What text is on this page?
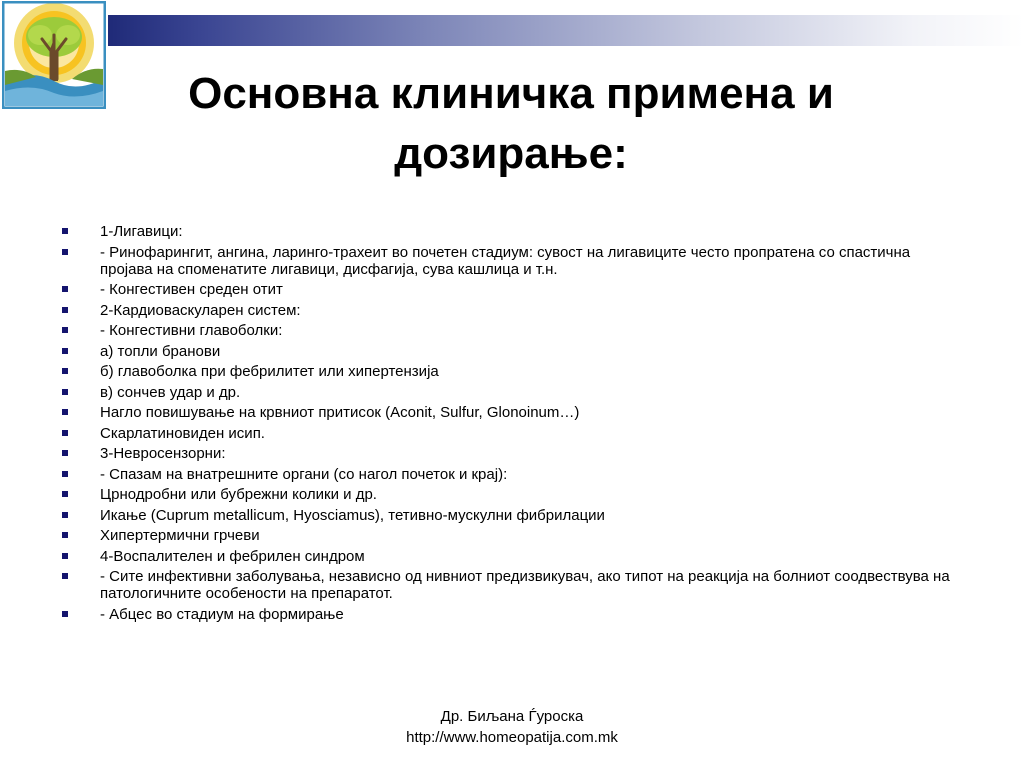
Основна клиничка примена и
дозирање:
1-Лигавици:
- Ринофарингит, ангина, ларинго-трахеит во почетен стадиум: сувост на лигавиците често пропратена со спастична пројава на споменатите лигавици, дисфагија, сува кашлица и т.н.
- Конгестивен среден отит
2-Кардиоваскуларен систем:
- Конгестивни главоболки:
а) топли бранови
б) главоболка при фебрилитет или хипертензија
в) сончев удар и др.
Нагло повишување на крвниот притисок (Aconit, Sulfur, Glonoinum…)
Скарлатиновиден исип.
3-Невросензорни:
- Спазам на внатрешните органи (со нагол почеток и крај):
Црнодробни или бубрежни колики и др.
Икање (Cuprum metallicum, Hyosciamus), тетивно-мускулни фибрилации
Хипертермични грчеви
4-Воспалителен и фебрилен синдром
- Сите инфективни заболувања, независно од нивниот предизвикувач, ако типот на реакција на болниот соодвествува на патологичните особености на препаратот.
- Абцес во стадиум на формирање
Др. Биљана Ѓуроска
http://www.homeopatija.com.mk
